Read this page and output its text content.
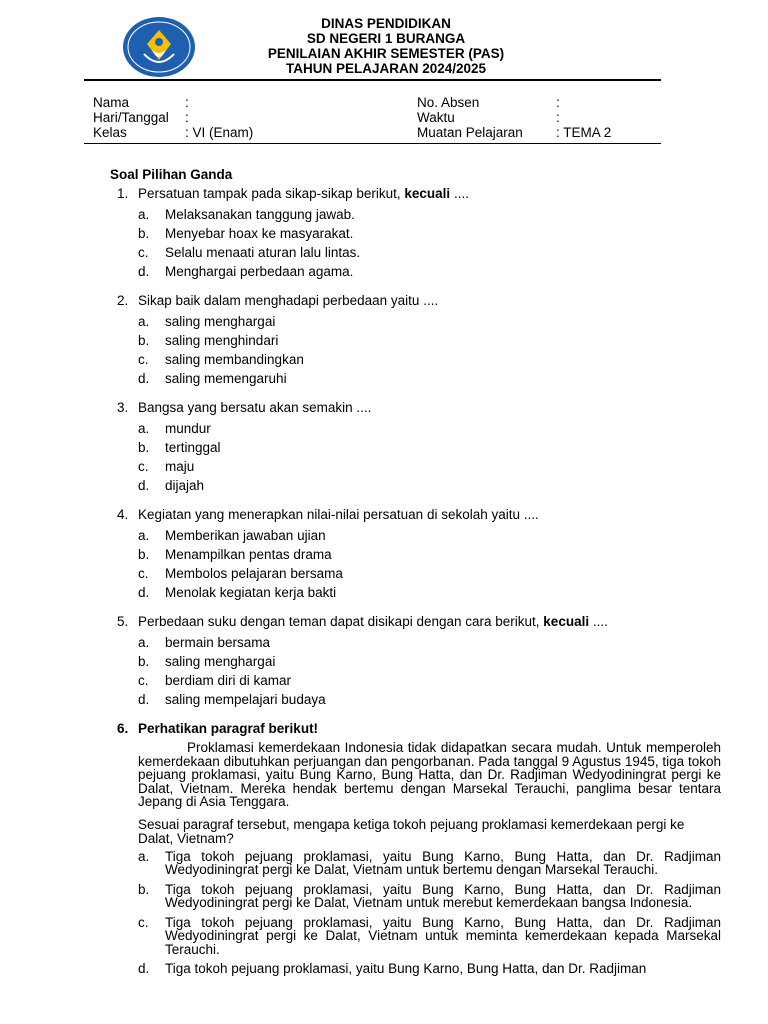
DINAS PENDIDIKAN
SD NEGERI 1 BURANGA
PENILAIAN AKHIR SEMESTER (PAS)
TAHUN PELAJARAN 2024/2025
Nama	:	No. Absen	:
Hari/Tanggal :	Waktu	:
Kelas	: VI (Enam)	Muatan Pelajaran : TEMA 2
Soal Pilihan Ganda
1. Persatuan tampak pada sikap-sikap berikut, kecuali ....
a. Melaksanakan tanggung jawab.
b. Menyebar hoax ke masyarakat.
c. Selalu menaati aturan lalu lintas.
d. Menghargai perbedaan agama.
2. Sikap baik dalam menghadapi perbedaan yaitu ....
a. saling menghargai
b. saling menghindari
c. saling membandingkan
d. saling memengaruhi
3. Bangsa yang bersatu akan semakin ....
a. mundur
b. tertinggal
c. maju
d. dijajah
4. Kegiatan yang menerapkan nilai-nilai persatuan di sekolah yaitu ....
a. Memberikan jawaban ujian
b. Menampilkan pentas drama
c. Membolos pelajaran bersama
d. Menolak kegiatan kerja bakti
5. Perbedaan suku dengan teman dapat disikapi dengan cara berikut, kecuali ....
a. bermain bersama
b. saling menghargai
c. berdiam diri di kamar
d. saling mempelajari budaya
6. Perhatikan paragraf berikut!
Proklamasi kemerdekaan Indonesia tidak didapatkan secara mudah. Untuk memperoleh kemerdekaan dibutuhkan perjuangan dan pengorbanan. Pada tanggal 9 Agustus 1945, tiga tokoh pejuang proklamasi, yaitu Bung Karno, Bung Hatta, dan Dr. Radjiman Wedyodiningrat pergi ke Dalat, Vietnam. Mereka hendak bertemu dengan Marsekal Terauchi, panglima besar tentara Jepang di Asia Tenggara.
Sesuai paragraf tersebut, mengapa ketiga tokoh pejuang proklamasi kemerdekaan pergi ke Dalat, Vietnam?
a. Tiga tokoh pejuang proklamasi, yaitu Bung Karno, Bung Hatta, dan Dr. Radjiman Wedyodiningrat pergi ke Dalat, Vietnam untuk bertemu dengan Marsekal Terauchi.
b. Tiga tokoh pejuang proklamasi, yaitu Bung Karno, Bung Hatta, dan Dr. Radjiman Wedyodiningrat pergi ke Dalat, Vietnam untuk merebut kemerdekaan bangsa Indonesia.
c. Tiga tokoh pejuang proklamasi, yaitu Bung Karno, Bung Hatta, dan Dr. Radjiman Wedyodiningrat pergi ke Dalat, Vietnam untuk meminta kemerdekaan kepada Marsekal Terauchi.
d. Tiga tokoh pejuang proklamasi, yaitu Bung Karno, Bung Hatta, dan Dr. Radjiman
